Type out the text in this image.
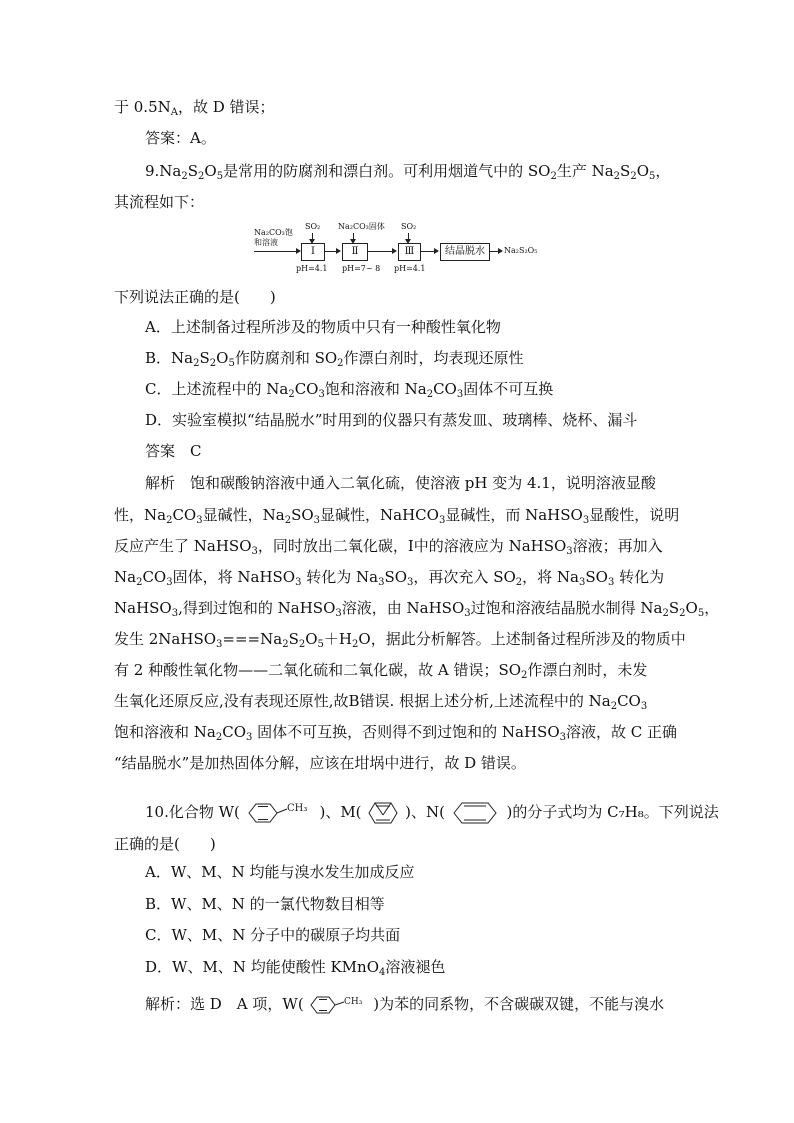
于 $0.5N_A$，故 D 错误；
答案：A。
$9.Na_2S_2O_5$是常用的防腐剂和漂白剂。可利用烟道气中的 $SO_2$生产 $Na_2S_2O_5$，
其流程如下：
Na₂CO₃饱
和溶液
SO₂
Ⅰ
pH=4.1
Na₂CO₃固体
Ⅱ
pH=7~ 8
SO₂
Ⅲ
pH=4.1
结晶脱水	Na₂S₂O₅
下列说法正确的是(　　)
A．上述制备过程所涉及的物质中只有一种酸性氧化物
B．$Na_2S_2O_5$作防腐剂和 $SO_2$作漂白剂时，均表现还原性
C．上述流程中的 $Na_2CO_3$饱和溶液和 $Na_2CO_3$固体不可互换
D．实验室模拟“结晶脱水”时用到的仪器只有蒸发皿、玻璃棒、烧杯、漏斗
答案　C
解析　饱和碳酸钠溶液中通入二氧化硫，使溶液 pH 变为 4.1，说明溶液显酸
性，$Na_2CO_3$显碱性，$Na_2SO_3$显碱性，NaHCO$_3$显碱性，而 NaHSO$_3$显酸性，说明
反应产生了 NaHSO$_3$，同时放出二氧化碳，Ⅰ中的溶液应为 NaHSO$_3$溶液；再加入
$Na_2CO_3$固体，将 NaHSO$_3$ 转化为 $Na_3SO_3$，再次充入 $SO_2$，将 $Na_3SO_3$ 转化为
NaHSO$_3$,得到过饱和的 NaHSO$_3$溶液，由 NaHSO$_3$过饱和溶液结晶脱水制得 $Na_2S_2O_5$，
发生 $2NaHSO_3===Na_2S_2O_5+H_2O$，据此分析解答。上述制备过程所涉及的物质中
有 2 种酸性氧化物——二氧化硫和二氧化碳，故 A 错误；$SO_2$作漂白剂时，未发
生氧化还原反应,没有表现还原性,故B错误. 根据上述分析,上述流程中的 $Na_2CO_3$
饱和溶液和 $Na_2CO_3$ 固体不可互换，否则得不到过饱和的 NaHSO$_3$溶液，故 C 正确
“结晶脱水”是加热固体分解，应该在坩埚中进行，故 D 错误。
10.化合物 W(	CH₃ )、M(	)、N(	)的分子式均为 C₇H₈。下列说法
正确的是(　　)
A．W、M、N 均能与溴水发生加成反应
B．W、M、N 的一氯代物数目相等
C．W、M、N 分子中的碳原子均共面
D．W、M、N 均能使酸性 KMnO$_4$溶液褪色
解析：选 D　A 项，W(	CH₃ )为苯的同系物，不含碳碳双键，不能与溴水
